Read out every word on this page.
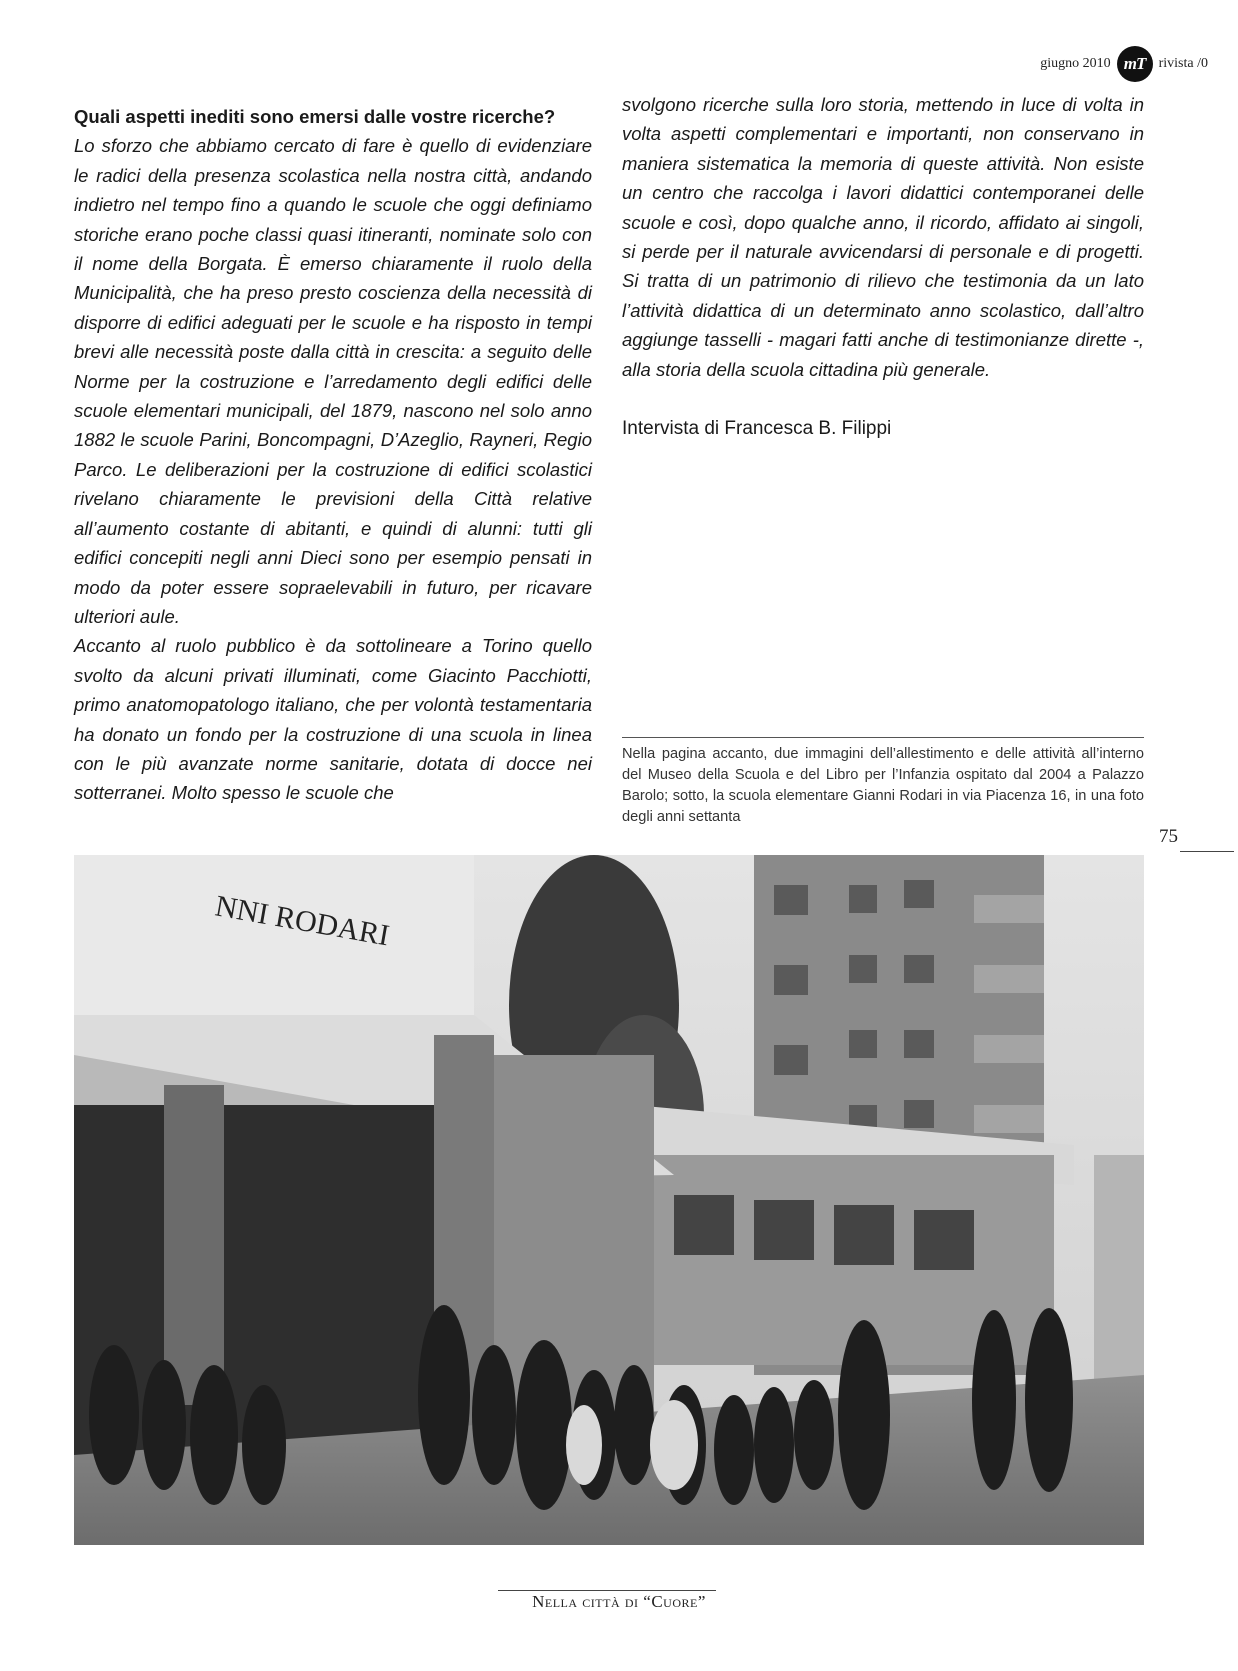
giugno 2010 mT rivista /0

Quali aspetti inediti sono emersi dalle vostre ricerche?

Lo sforzo che abbiamo cercato di fare è quello di evidenziare le radici della presenza scolastica nella nostra città, andando indietro nel tempo fino a quando le scuole che oggi definiamo storiche erano poche classi quasi itineranti, nominate solo con il nome della Borgata. È emerso chiaramente il ruolo della Municipalità, che ha preso presto coscienza della necessità di disporre di edifici adeguati per le scuole e ha risposto in tempi brevi alle necessità poste dalla città in crescita: a seguito delle Norme per la costruzione e l’arredamento degli edifici delle scuole elementari municipali, del 1879, nascono nel solo anno 1882 le scuole Parini, Boncompagni, D’Azeglio, Rayneri, Regio Parco. Le deliberazioni per la costruzione di edifici scolastici rivelano chiaramente le previsioni della Città relative all’aumento costante di abitanti, e quindi di alunni: tutti gli edifici concepiti negli anni Dieci sono per esempio pensati in modo da poter essere sopraelevabili in futuro, per ricavare ulteriori aule.

Accanto al ruolo pubblico è da sottolineare a Torino quello svolto da alcuni privati illuminati, come Giacinto Pacchiotti, primo anatomopatologo italiano, che per volontà testamentaria ha donato un fondo per la costruzione di una scuola in linea con le più avanzate norme sanitarie, dotata di docce nei sotterranei. Molto spesso le scuole che

svolgono ricerche sulla loro storia, mettendo in luce di volta in volta aspetti complementari e importanti, non conservano in maniera sistematica la memoria di queste attività. Non esiste un centro che raccolga i lavori didattici contemporanei delle scuole e così, dopo qualche anno, il ricordo, affidato ai singoli, si perde per il naturale avvicendarsi di personale e di progetti. Si tratta di un patrimonio di rilievo che testimonia da un lato l’attività didattica di un determinato anno scolastico, dall’altro aggiunge tasselli - magari fatti anche di testimonianze dirette -, alla storia della scuola cittadina più generale.

Intervista di Francesca B. Filippi

Nella pagina accanto, due immagini dell’allestimento e delle attività all’interno del Museo della Scuola e del Libro per l’Infanzia ospitato dal 2004 a Palazzo Barolo; sotto, la scuola elementare Gianni Rodari in via Piacenza 16, in una foto degli anni settanta
75
NNI RODARI
Nella città di “Cuore”
